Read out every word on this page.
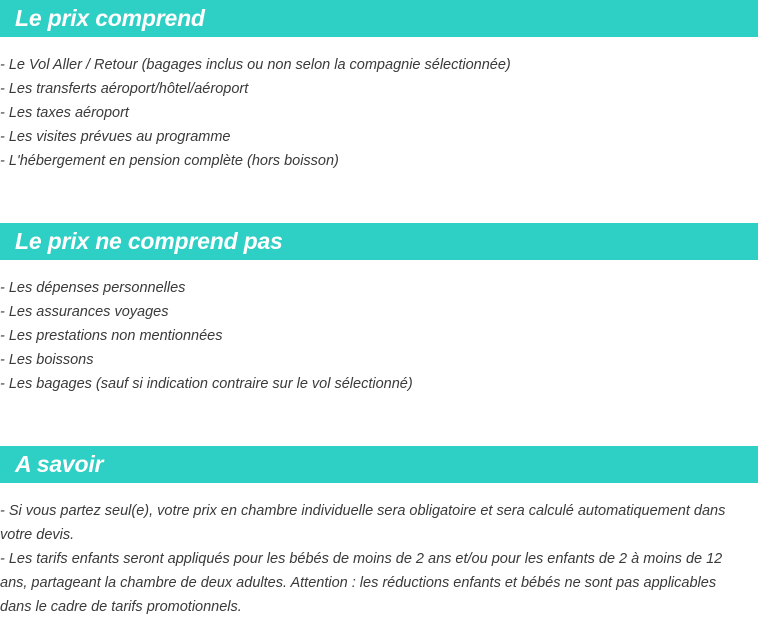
Le prix comprend
- Le Vol Aller / Retour (bagages inclus ou non selon la compagnie sélectionnée)
- Les transferts aéroport/hôtel/aéroport
- Les taxes aéroport
- Les visites prévues au programme
- L'hébergement en pension complète (hors boisson)
Le prix ne comprend pas
- Les dépenses personnelles
- Les assurances voyages
- Les prestations non mentionnées
- Les boissons
- Les bagages (sauf si indication contraire sur le vol sélectionné)
A savoir
- Si vous partez seul(e), votre prix en chambre individuelle sera obligatoire et sera calculé automatiquement dans votre devis.
- Les tarifs enfants seront appliqués pour les bébés de moins de 2 ans et/ou pour les enfants de 2 à moins de 12 ans, partageant la chambre de deux adultes. Attention : les réductions enfants et bébés ne sont pas applicables dans le cadre de tarifs promotionnels.
